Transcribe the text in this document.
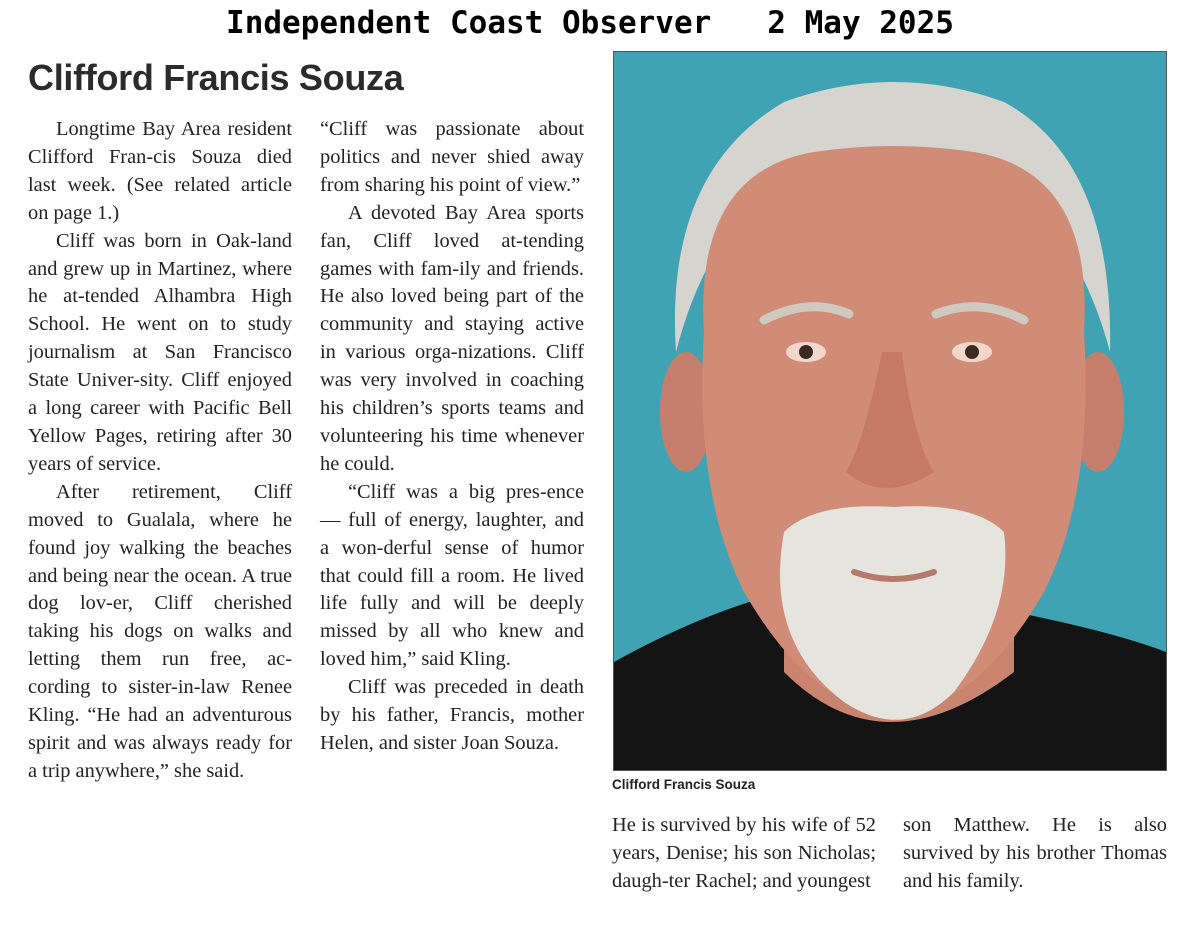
Independent Coast Observer   2 May 2025
Clifford Francis Souza

Longtime Bay Area resident Clifford Fran-cis Souza died last week. (See related article on page 1.)

Cliff was born in Oak-land and grew up in Martinez, where he at-tended Alhambra High School. He went on to study journalism at San Francisco State Univer-sity. Cliff enjoyed a long career with Pacific Bell Yellow Pages, retiring after 30 years of service.

After retirement, Cliff moved to Gualala, where he found joy walking the beaches and being near the ocean. A true dog lov-er, Cliff cherished taking his dogs on walks and letting them run free, ac-cording to sister-in-law Renee Kling. “He had an adventurous spirit and was always ready for a trip anywhere,” she said.

“Cliff was passionate about politics and never shied away from sharing his point of view.”

A devoted Bay Area sports fan, Cliff loved at-tending games with fam-ily and friends. He also loved being part of the community and staying active in various orga-nizations. Cliff was very involved in coaching his children’s sports teams and volunteering his time whenever he could.

“Cliff was a big pres-ence — full of energy, laughter, and a won-derful sense of humor that could fill a room. He lived life fully and will be deeply missed by all who knew and loved him,” said Kling.

Cliff was preceded in death by his father, Francis, mother Helen, and sister Joan Souza.

Clifford Francis Souza

He is survived by his wife of 52 years, Denise; his son Nicholas; daugh-ter Rachel; and youngest

son Matthew. He is also survived by his brother Thomas and his family.
